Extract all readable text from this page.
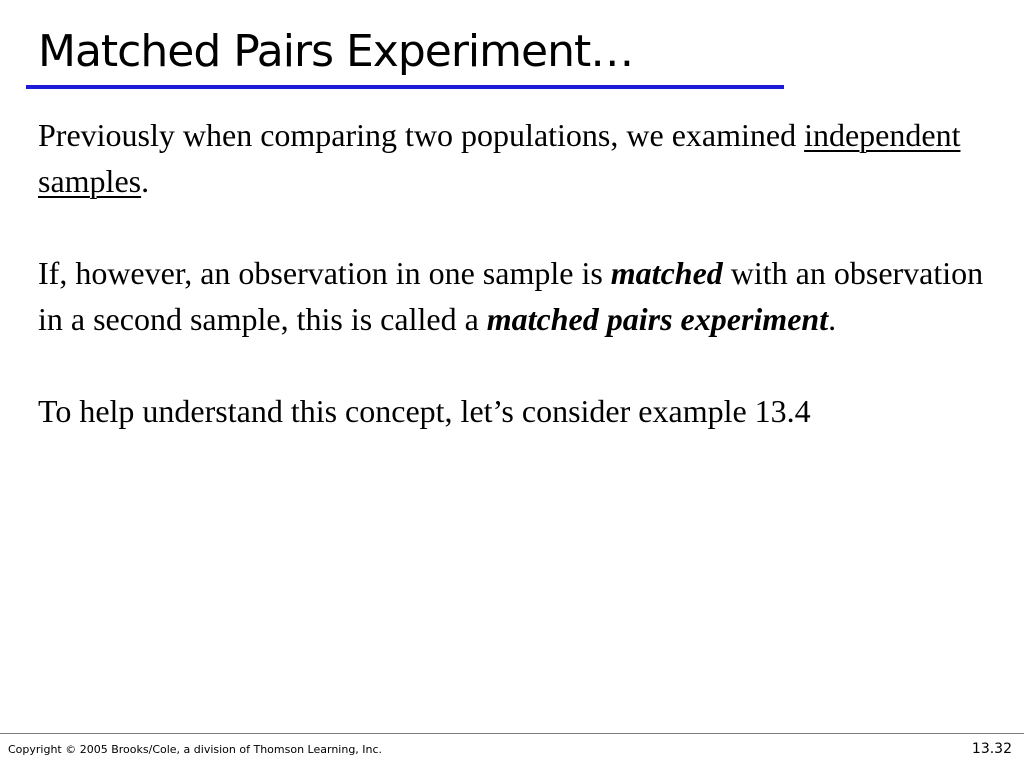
Matched Pairs Experiment…

Previously when comparing two populations, we examined independent samples.

If, however, an observation in one sample is matched with an observation in a second sample, this is called a matched pairs experiment.

To help understand this concept, let’s consider example 13.4

Copyright © 2005 Brooks/Cole, a division of Thomson Learning, Inc.	13.32
